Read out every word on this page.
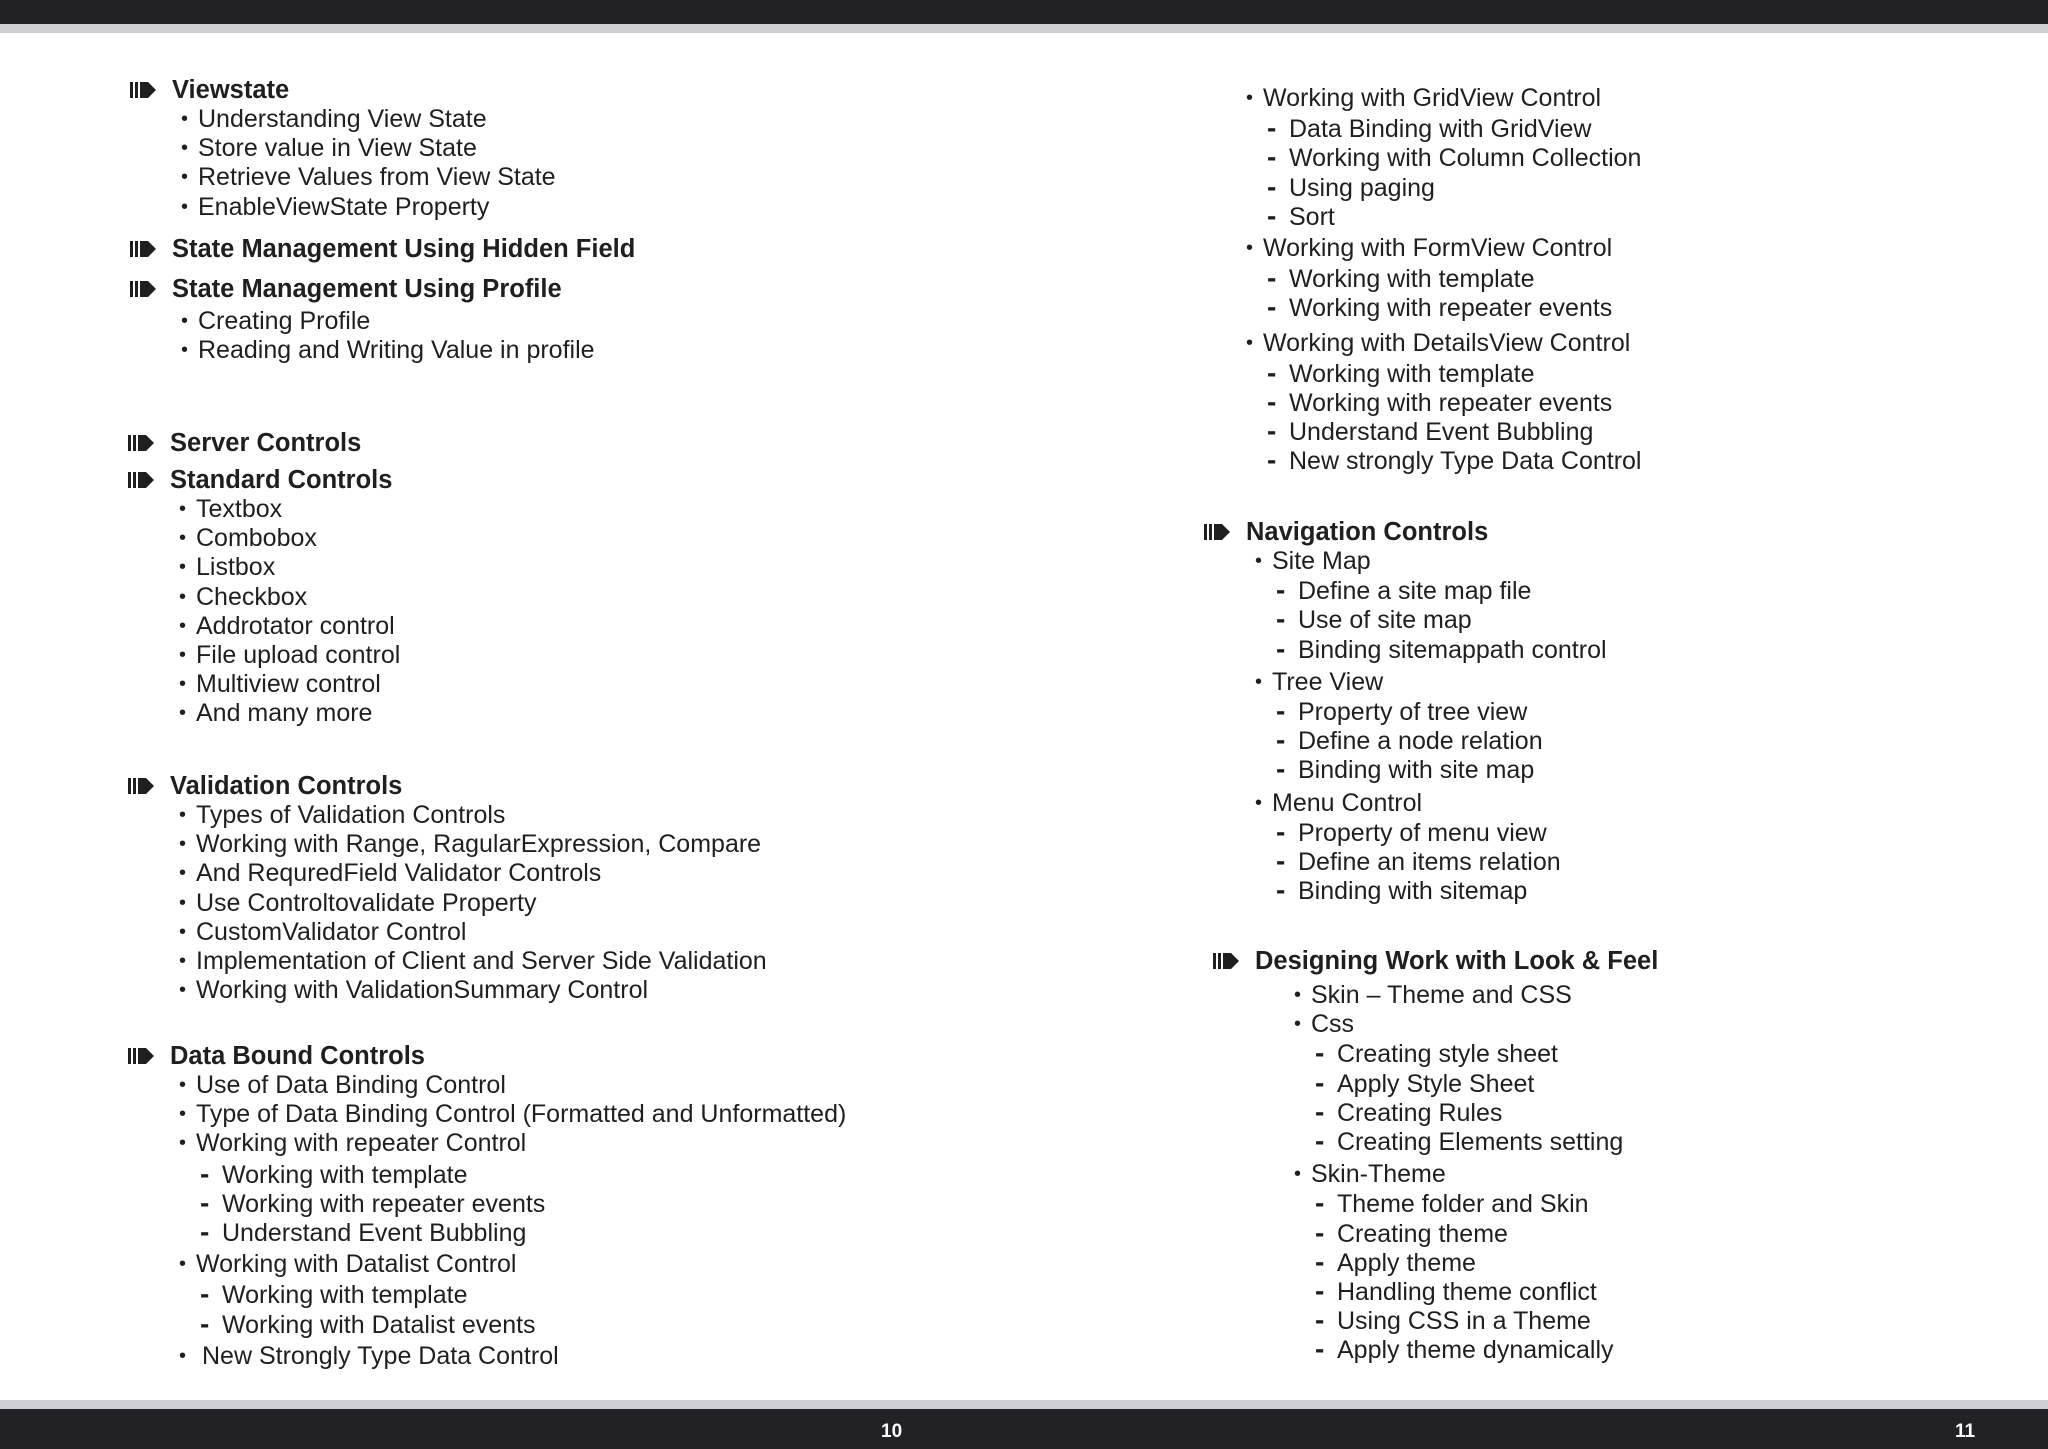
Viewstate
• Understanding View State
• Store value in View State
• Retrieve Values from View State
• EnableViewState Property
State Management Using Hidden Field
State Management Using Profile
• Creating Profile
• Reading and Writing Value in profile
Server Controls
Standard Controls
• Textbox
• Combobox
• Listbox
• Checkbox
• Addrotator control
• File upload control
• Multiview control
• And many more
Validation Controls
• Types of Validation Controls
• Working with Range, RagularExpression, Compare
• And RequredField Validator Controls
• Use Controltovalidate Property
• CustomValidator Control
• Implementation of Client and Server Side Validation
• Working with ValidationSummary Control
Data Bound Controls
• Use of Data Binding Control
• Type of Data Binding Control (Formatted and Unformatted)
• Working with repeater Control
- Working with template
- Working with repeater events
- Understand Event Bubbling
• Working with Datalist Control
- Working with template
- Working with Datalist events
• New Strongly Type Data Control
• Working with GridView Control
- Data Binding with GridView
- Working with Column Collection
- Using paging
- Sort
• Working with FormView Control
- Working with template
- Working with repeater events
• Working with DetailsView Control
- Working with template
- Working with repeater events
- Understand Event Bubbling
- New strongly Type Data Control
Navigation Controls
• Site Map
- Define a site map file
- Use of site map
- Binding sitemappath control
• Tree View
- Property of tree view
- Define a node relation
- Binding with site map
• Menu Control
- Property of menu view
- Define an items relation
- Binding with sitemap
Designing Work with Look & Feel
• Skin – Theme and CSS
• Css
- Creating style sheet
- Apply Style Sheet
- Creating Rules
- Creating Elements setting
• Skin-Theme
- Theme folder and Skin
- Creating theme
- Apply theme
- Handling theme conflict
- Using CSS in a Theme
- Apply theme dynamically
10	11
